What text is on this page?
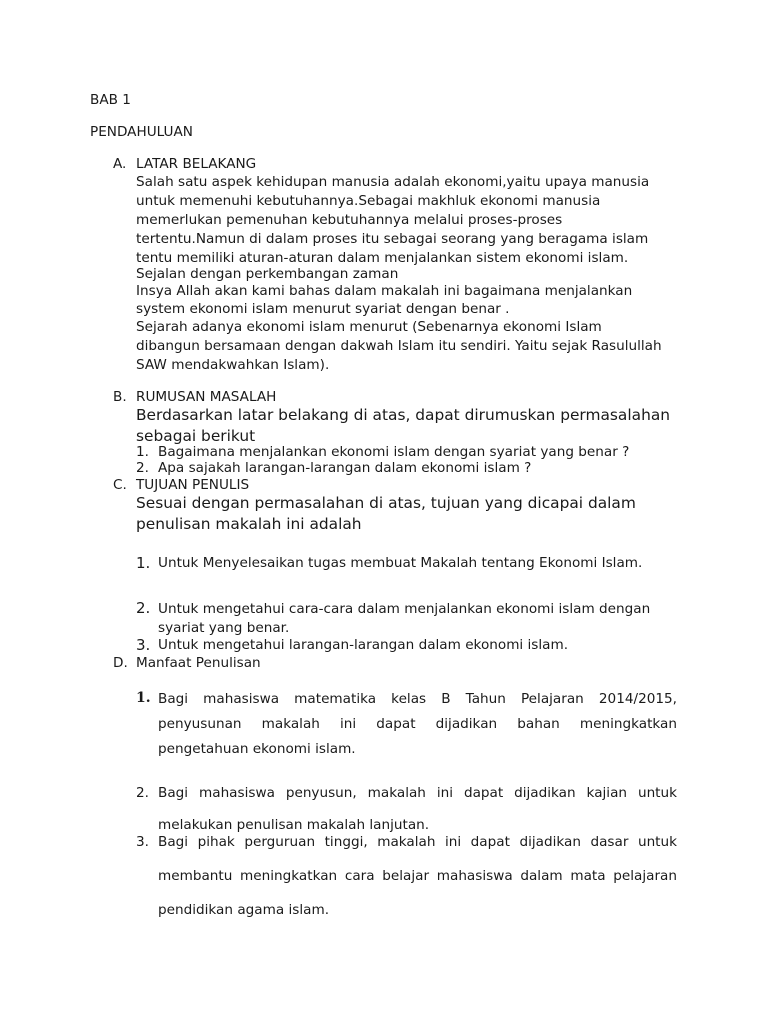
BAB 1
PENDAHULUAN
A. LATAR BELAKANG
Salah satu aspek kehidupan manusia adalah ekonomi,yaitu upaya manusia
untuk memenuhi kebutuhannya.Sebagai makhluk ekonomi manusia
memerlukan pemenuhan kebutuhannya melalui proses-proses
tertentu.Namun di dalam proses itu sebagai seorang yang beragama islam
tentu memiliki aturan-aturan dalam menjalankan sistem ekonomi islam.
Sejalan dengan perkembangan zaman
Insya Allah akan kami bahas dalam makalah ini bagaimana menjalankan
system ekonomi islam menurut syariat dengan benar .
Sejarah adanya ekonomi islam menurut (Sebenarnya ekonomi Islam
dibangun bersamaan dengan dakwah Islam itu sendiri. Yaitu sejak Rasulullah
SAW mendakwahkan Islam).
B. RUMUSAN MASALAH
Berdasarkan latar belakang di atas, dapat dirumuskan permasalahan
sebagai berikut
1. Bagaimana menjalankan ekonomi islam dengan syariat yang benar ?
2. Apa sajakah larangan-larangan dalam ekonomi islam ?
C. TUJUAN PENULIS
Sesuai dengan permasalahan di atas, tujuan yang dicapai dalam
penulisan makalah ini adalah
1. Untuk Menyelesaikan tugas membuat Makalah tentang Ekonomi Islam.
2. Untuk mengetahui cara-cara dalam menjalankan ekonomi islam dengan
syariat yang benar.
3. Untuk mengetahui larangan-larangan dalam ekonomi islam.
D. Manfaat Penulisan
1. Bagi mahasiswa matematika kelas B Tahun Pelajaran 2014/2015,
penyusunan makalah ini dapat dijadikan bahan meningkatkan
pengetahuan ekonomi islam.
2. Bagi mahasiswa penyusun, makalah ini dapat dijadikan kajian untuk
melakukan penulisan makalah lanjutan.
3. Bagi pihak perguruan tinggi, makalah ini dapat dijadikan dasar untuk
membantu meningkatkan cara belajar mahasiswa dalam mata pelajaran
pendidikan agama islam.
